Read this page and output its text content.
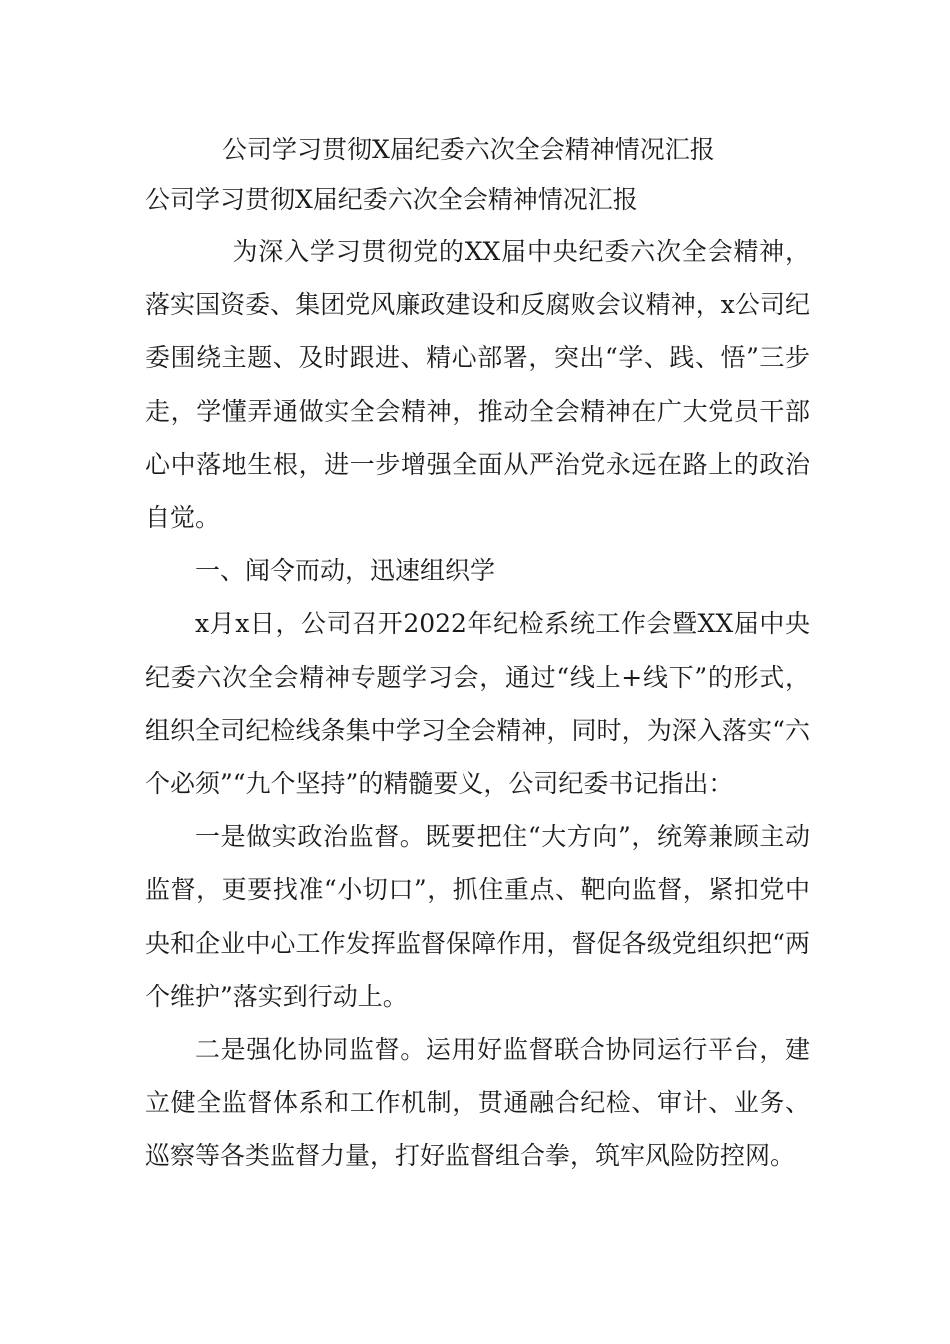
公司学习贯彻X届纪委六次全会精神情况汇报
公司学习贯彻X届纪委六次全会精神情况汇报

为深入学习贯彻党的XX届中央纪委六次全会精神，落实国资委、集团党风廉政建设和反腐败会议精神，x公司纪委围绕主题、及时跟进、精心部署，突出“学、践、悟”三步走，学懂弄通做实全会精神，推动全会精神在广大党员干部心中落地生根，进一步增强全面从严治党永远在路上的政治自觉。

一、闻令而动，迅速组织学

x月x日，公司召开2022年纪检系统工作会暨XX届中央纪委六次全会精神专题学习会，通过“线上+线下”的形式，组织全司纪检线条集中学习全会精神，同时，为深入落实“六个必须”“九个坚持”的精髓要义，公司纪委书记指出：

一是做实政治监督。既要把住“大方向”，统筹兼顾主动监督，更要找准“小切口”，抓住重点、靶向监督，紧扣党中央和企业中心工作发挥监督保障作用，督促各级党组织把“两个维护”落实到行动上。

二是强化协同监督。运用好监督联合协同运行平台，建立健全监督体系和工作机制，贯通融合纪检、审计、业务、巡察等各类监督力量，打好监督组合拳，筑牢风险防控网。
